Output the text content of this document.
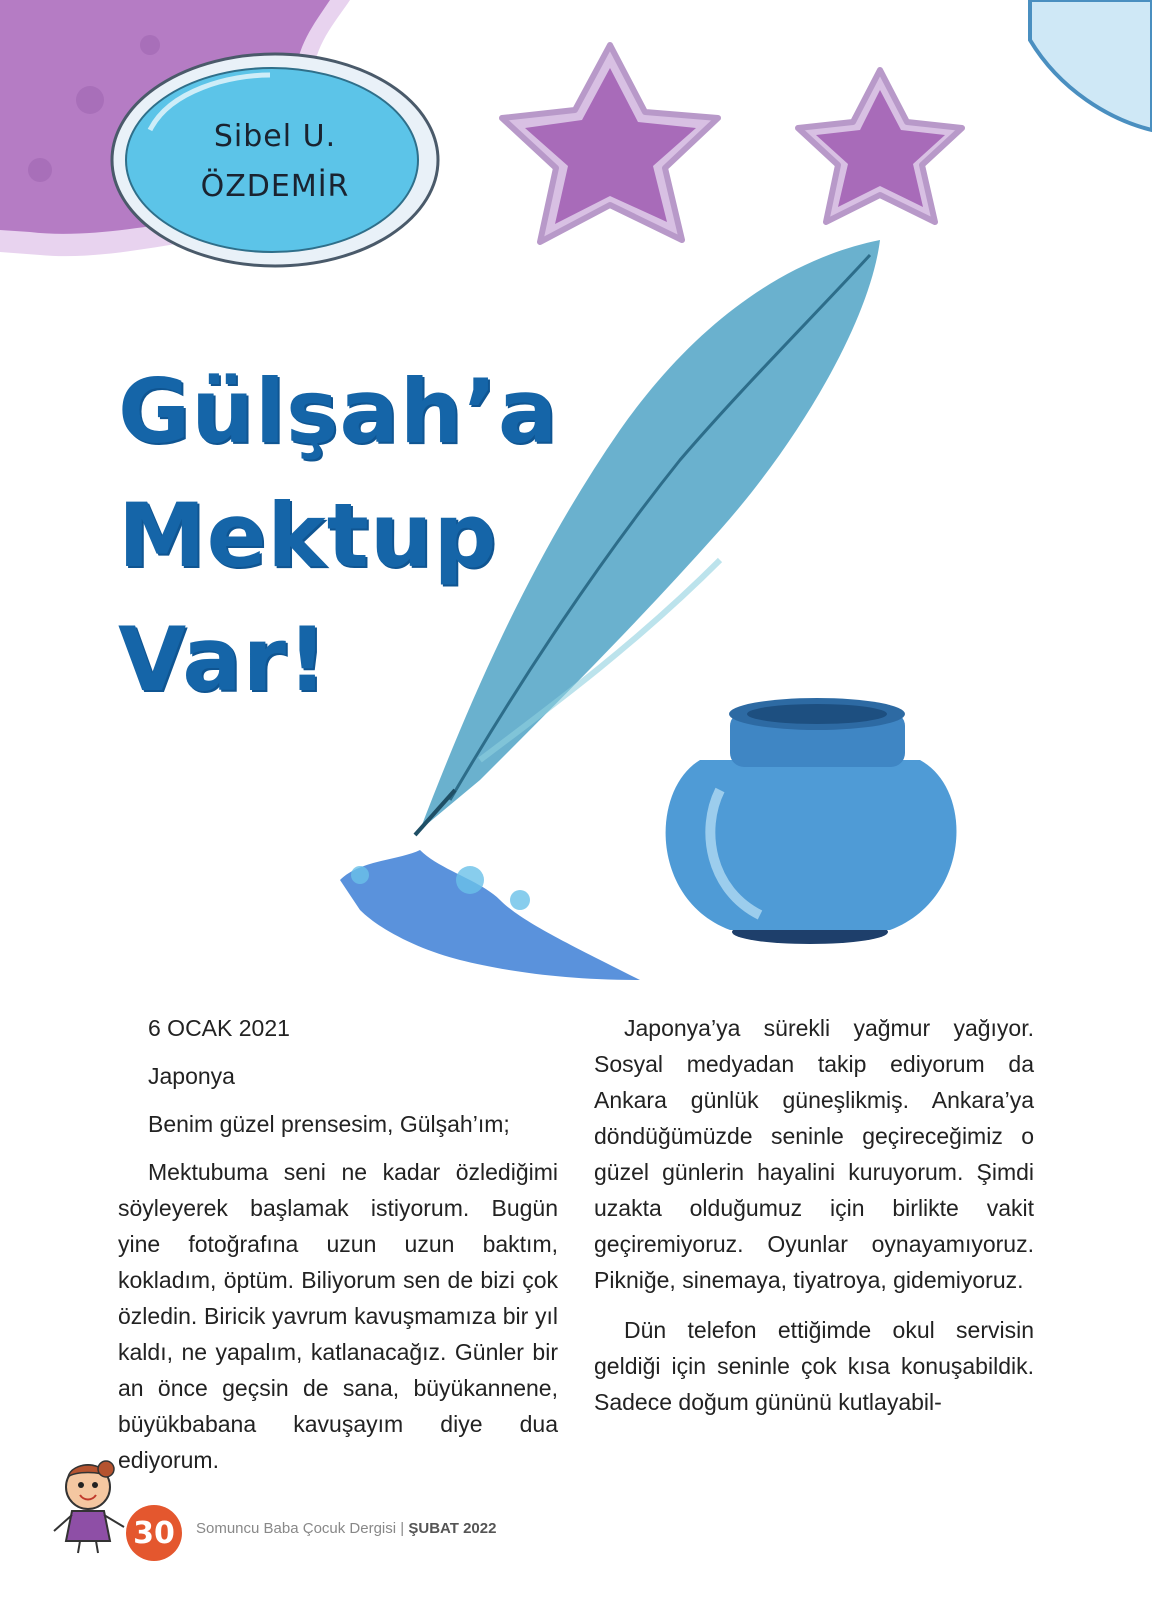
Sibel U.
ÖZDEMİR
Gülşah’a
Mektup
Var!

6 OCAK 2021

Japonya

Benim güzel prensesim, Gülşah’ım;

Mektubuma seni ne kadar özlediğimi söyleyerek başlamak istiyorum. Bugün yine fotoğrafına uzun uzun baktım, kokladım, öptüm. Biliyorum sen de bizi çok özledin. Biricik yavrum kavuşmamıza bir yıl kaldı, ne yapalım, katlanacağız. Günler bir an önce geçsin de sana, büyükannene, büyükbabana kavuşayım diye dua ediyorum.

Japonya’ya sürekli yağmur yağıyor. Sosyal medyadan takip ediyorum da Ankara günlük güneşlikmiş. Ankara’ya döndüğümüzde seninle geçireceğimiz o güzel günlerin hayalini kuruyorum. Şimdi uzakta olduğumuz için birlikte vakit geçiremiyoruz. Oyunlar oynayamıyoruz. Pikniğe, sinemaya, tiyatroya, gidemiyoruz.

Dün telefon ettiğimde okul servisin geldiği için seninle çok kısa konuşabildik. Sadece doğum gününü kutlayabil-

30	Somuncu Baba Çocuk Dergisi | ŞUBAT 2022
